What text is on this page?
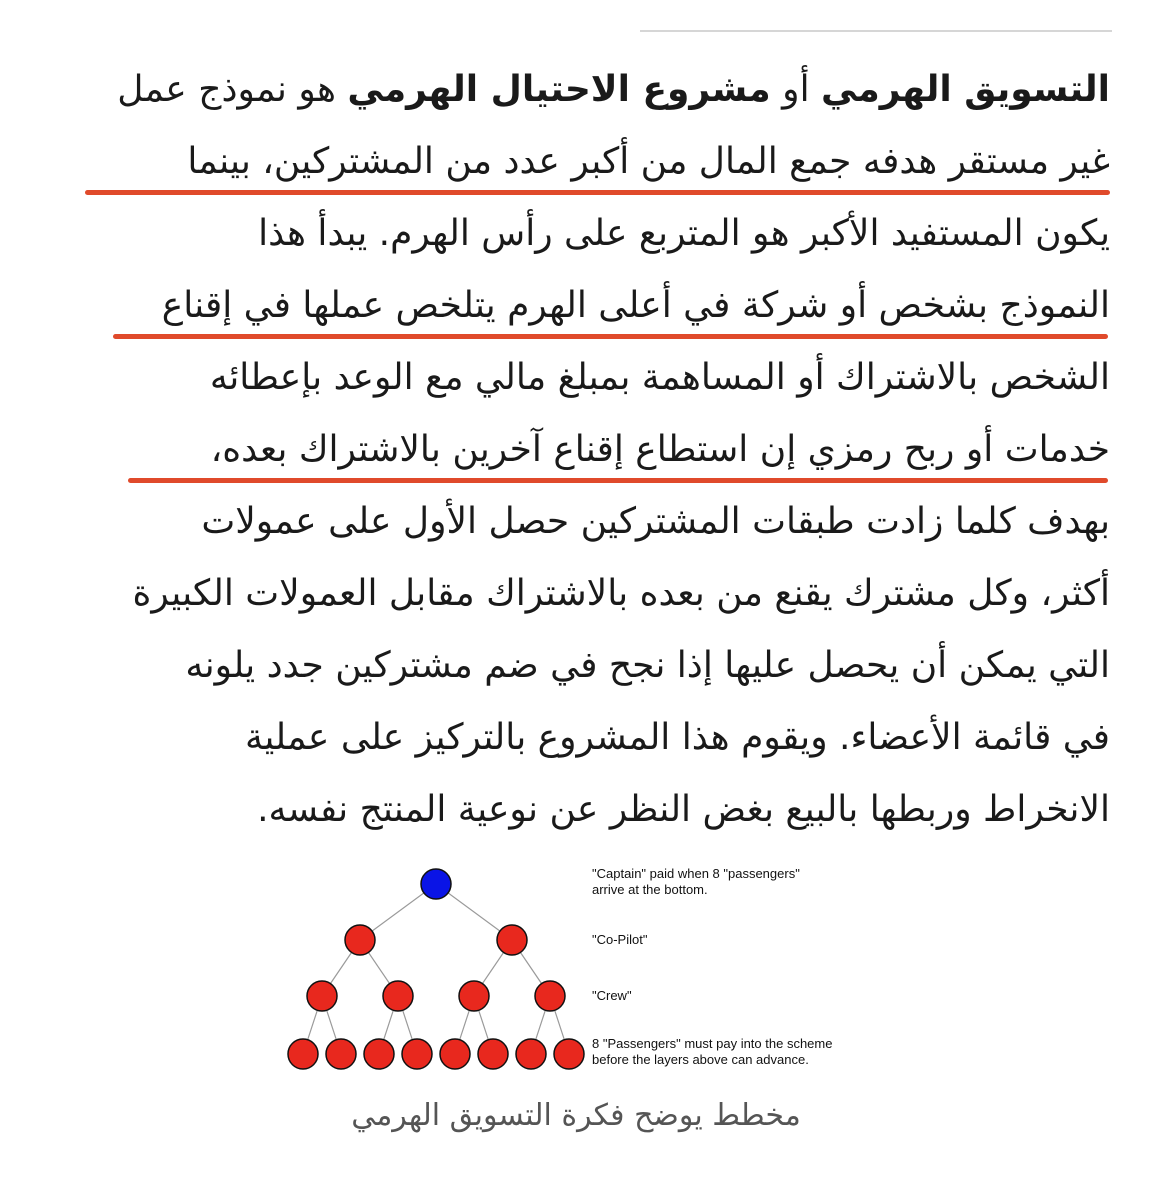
التسويق الهرمي أو مشروع الاحتيال الهرمي هو نموذج عمل
غير مستقر هدفه جمع المال من أكبر عدد من المشتركين، بينما
يكون المستفيد الأكبر هو المتربع على رأس الهرم. يبدأ هذا
النموذج بشخص أو شركة في أعلى الهرم يتلخص عملها في إقناع
الشخص بالاشتراك أو المساهمة بمبلغ مالي مع الوعد بإعطائه
خدمات أو ربح رمزي إن استطاع إقناع آخرين بالاشتراك بعده،
بهدف كلما زادت طبقات المشتركين حصل الأول على عمولات
أكثر، وكل مشترك يقنع من بعده بالاشتراك مقابل العمولات الكبيرة
التي يمكن أن يحصل عليها إذا نجح في ضم مشتركين جدد يلونه
في قائمة الأعضاء. ويقوم هذا المشروع بالتركيز على عملية
الانخراط وربطها بالبيع بغض النظر عن نوعية المنتج نفسه.
"Captain" paid when 8 "passengers"
arrive at the bottom.
"Co-Pilot"
"Crew"
8 "Passengers" must pay into the scheme
before the layers above can advance.
مخطط يوضح فكرة التسويق الهرمي
